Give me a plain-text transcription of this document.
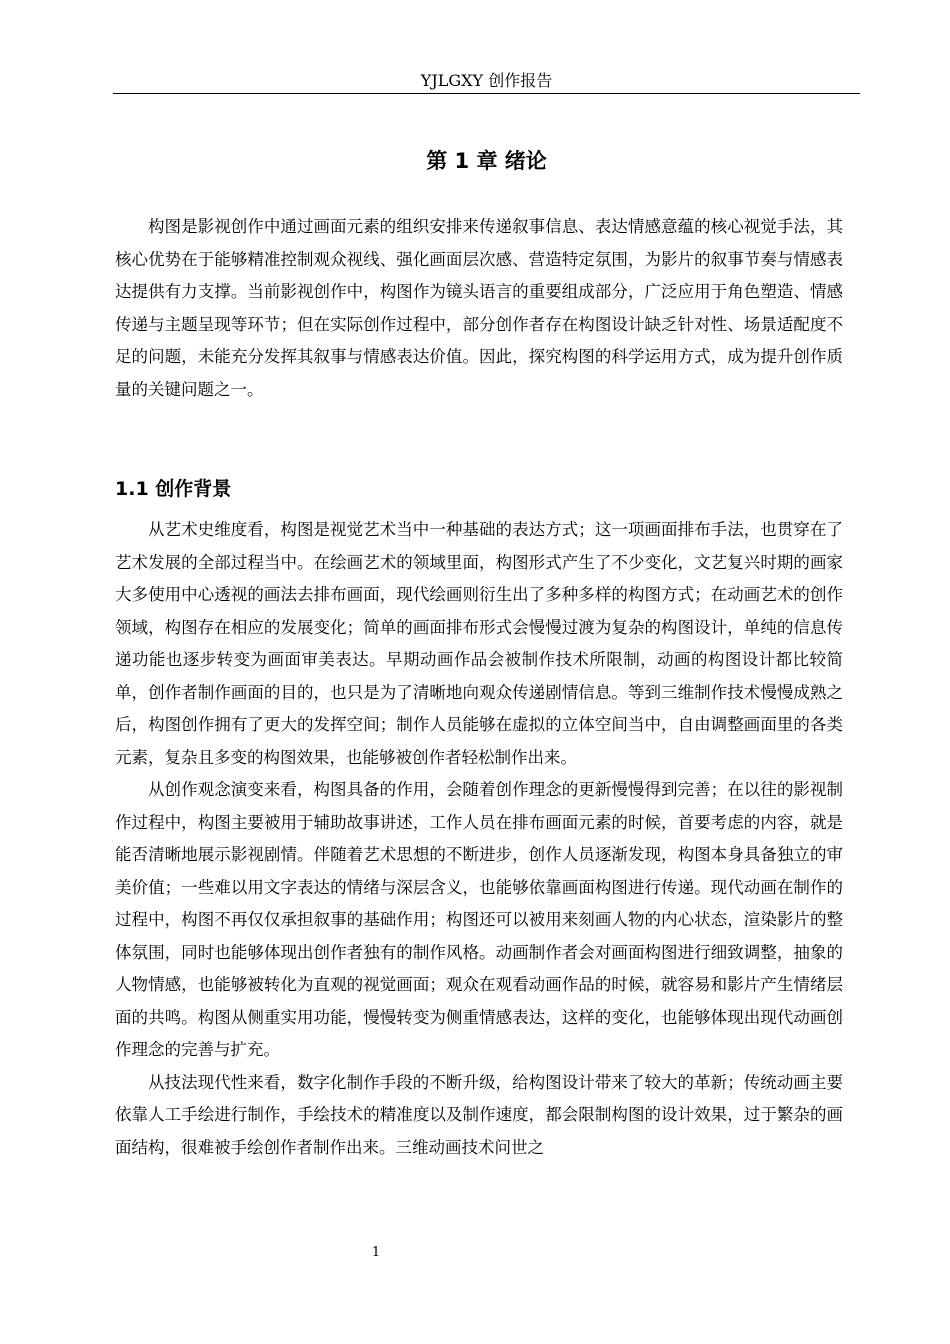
YJLGXY 创作报告
第 1 章 绪论

构图是影视创作中通过画面元素的组织安排来传递叙事信息、表达情感意蕴的核心视觉手法，其核心优势在于能够精准控制观众视线、强化画面层次感、营造特定氛围，为影片的叙事节奏与情感表达提供有力支撑。当前影视创作中，构图作为镜头语言的重要组成部分，广泛应用于角色塑造、情感传递与主题呈现等环节；但在实际创作过程中，部分创作者存在构图设计缺乏针对性、场景适配度不足的问题，未能充分发挥其叙事与情感表达价值。因此，探究构图的科学运用方式，成为提升创作质量的关键问题之一。

1.1 创作背景

从艺术史维度看，构图是视觉艺术当中一种基础的表达方式；这一项画面排布手法，也贯穿在了艺术发展的全部过程当中。在绘画艺术的领域里面，构图形式产生了不少变化，文艺复兴时期的画家大多使用中心透视的画法去排布画面，现代绘画则衍生出了多种多样的构图方式；在动画艺术的创作领域，构图存在相应的发展变化；简单的画面排布形式会慢慢过渡为复杂的构图设计，单纯的信息传递功能也逐步转变为画面审美表达。早期动画作品会被制作技术所限制，动画的构图设计都比较简单，创作者制作画面的目的，也只是为了清晰地向观众传递剧情信息。等到三维制作技术慢慢成熟之后，构图创作拥有了更大的发挥空间；制作人员能够在虚拟的立体空间当中，自由调整画面里的各类元素，复杂且多变的构图效果，也能够被创作者轻松制作出来。

从创作观念演变来看，构图具备的作用，会随着创作理念的更新慢慢得到完善；在以往的影视制作过程中，构图主要被用于辅助故事讲述，工作人员在排布画面元素的时候，首要考虑的内容，就是能否清晰地展示影视剧情。伴随着艺术思想的不断进步，创作人员逐渐发现，构图本身具备独立的审美价值；一些难以用文字表达的情绪与深层含义，也能够依靠画面构图进行传递。现代动画在制作的过程中，构图不再仅仅承担叙事的基础作用；构图还可以被用来刻画人物的内心状态，渲染影片的整体氛围，同时也能够体现出创作者独有的制作风格。动画制作者会对画面构图进行细致调整，抽象的人物情感，也能够被转化为直观的视觉画面；观众在观看动画作品的时候，就容易和影片产生情绪层面的共鸣。构图从侧重实用功能，慢慢转变为侧重情感表达，这样的变化，也能够体现出现代动画创作理念的完善与扩充。

从技法现代性来看，数字化制作手段的不断升级，给构图设计带来了较大的革新；传统动画主要依靠人工手绘进行制作，手绘技术的精准度以及制作速度，都会限制构图的设计效果，过于繁杂的画面结构，很难被手绘创作者制作出来。三维动画技术问世之

1
